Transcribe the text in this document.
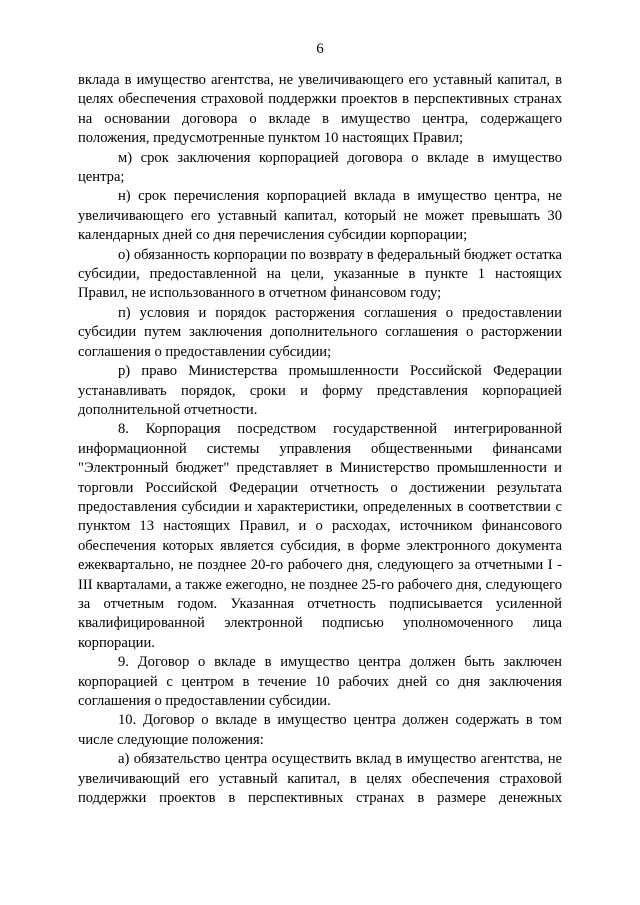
6

вклада в имущество агентства, не увеличивающего его уставный капитал, в целях обеспечения страховой поддержки проектов в перспективных странах на основании договора о вкладе в имущество центра, содержащего положения, предусмотренные пунктом 10 настоящих Правил;

м) срок заключения корпорацией договора о вкладе в имущество центра;

н) срок перечисления корпорацией вклада в имущество центра, не увеличивающего его уставный капитал, который не может превышать 30 календарных дней со дня перечисления субсидии корпорации;

о) обязанность корпорации по возврату в федеральный бюджет остатка субсидии, предоставленной на цели, указанные в пункте 1 настоящих Правил, не использованного в отчетном финансовом году;

п) условия и порядок расторжения соглашения о предоставлении субсидии путем заключения дополнительного соглашения о расторжении соглашения о предоставлении субсидии;

р) право Министерства промышленности Российской Федерации устанавливать порядок, сроки и форму представления корпорацией дополнительной отчетности.

8. Корпорация посредством государственной интегрированной информационной системы управления общественными финансами "Электронный бюджет" представляет в Министерство промышленности и торговли Российской Федерации отчетность о достижении результата предоставления субсидии и характеристики, определенных в соответствии с пунктом 13 настоящих Правил, и о расходах, источником финансового обеспечения которых является субсидия, в форме электронного документа ежеквартально, не позднее 20-го рабочего дня, следующего за отчетными I - III кварталами, а также ежегодно, не позднее 25-го рабочего дня, следующего за отчетным годом. Указанная отчетность подписывается усиленной квалифицированной электронной подписью уполномоченного лица корпорации.

9. Договор о вкладе в имущество центра должен быть заключен корпорацией с центром в течение 10 рабочих дней со дня заключения соглашения о предоставлении субсидии.

10. Договор о вкладе в имущество центра должен содержать в том числе следующие положения:

а) обязательство центра осуществить вклад в имущество агентства, не увеличивающий его уставный капитал, в целях обеспечения страховой поддержки проектов в перспективных странах в размере денежных
